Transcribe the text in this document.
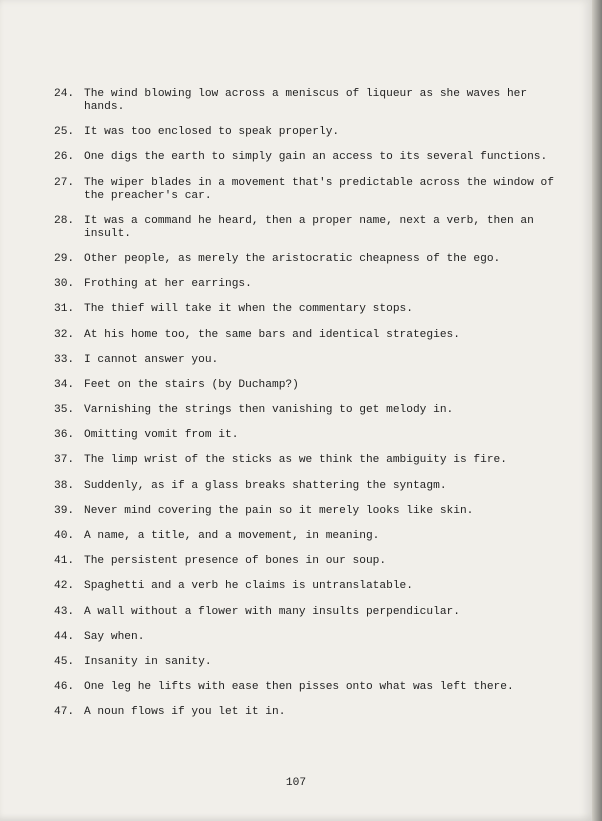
24. The wind blowing low across a meniscus of liqueur as she waves her hands.
25. It was too enclosed to speak properly.
26. One digs the earth to simply gain an access to its several functions.
27. The wiper blades in a movement that's predictable across the window of the preacher's car.
28. It was a command he heard, then a proper name, next a verb, then an insult.
29. Other people, as merely the aristocratic cheapness of the ego.
30. Frothing at her earrings.
31. The thief will take it when the commentary stops.
32. At his home too, the same bars and identical strategies.
33. I cannot answer you.
34. Feet on the stairs (by Duchamp?)
35. Varnishing the strings then vanishing to get melody in.
36. Omitting vomit from it.
37. The limp wrist of the sticks as we think the ambiguity is fire.
38. Suddenly, as if a glass breaks shattering the syntagm.
39. Never mind covering the pain so it merely looks like skin.
40. A name, a title, and a movement, in meaning.
41. The persistent presence of bones in our soup.
42. Spaghetti and a verb he claims is untranslatable.
43. A wall without a flower with many insults perpendicular.
44. Say when.
45. Insanity in sanity.
46. One leg he lifts with ease then pisses onto what was left there.
47. A noun flows if you let it in.
107
